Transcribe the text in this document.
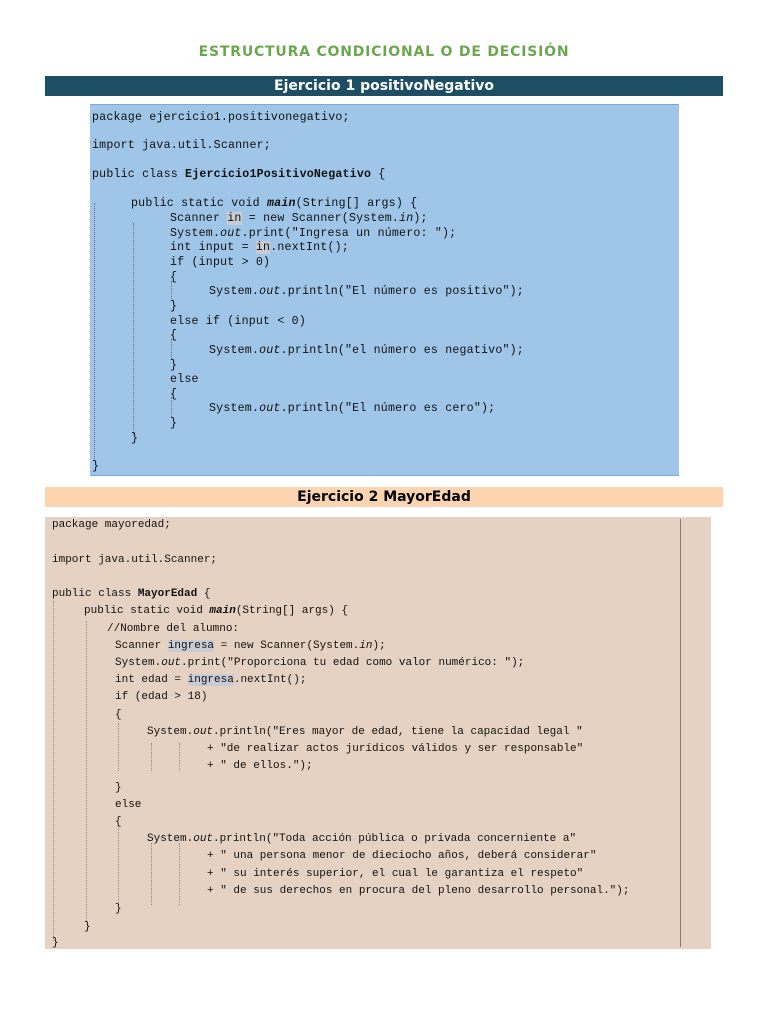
ESTRUCTURA CONDICIONAL O DE DECISIÓN
Ejercicio 1 positivoNegativo
package ejercicio1.positivonegativo;
import java.util.Scanner;
public class Ejercicio1PositivoNegativo {
public static void main(String[] args) {
Scanner in = new Scanner(System.in);
System.out.print("Ingresa un número: ");
int input = in.nextInt();
if (input > 0)
{
System.out.println("El número es positivo");
}
else if (input < 0)
{
System.out.println("el número es negativo");
}
else
{
System.out.println("El número es cero");
}
}
}
Ejercicio 2 MayorEdad
package mayoredad;
import java.util.Scanner;
public class MayorEdad {
public static void main(String[] args) {
//Nombre del alumno:
Scanner ingresa = new Scanner(System.in);
System.out.print("Proporciona tu edad como valor numérico: ");
int edad = ingresa.nextInt();
if (edad > 18)
{
System.out.println("Eres mayor de edad, tiene la capacidad legal "
+ "de realizar actos jurídicos válidos y ser responsable"
+ " de ellos.");
}
else
{
System.out.println("Toda acción pública o privada concerniente a"
+ " una persona menor de dieciocho años, deberá considerar"
+ " su interés superior, el cual le garantiza el respeto"
+ " de sus derechos en procura del pleno desarrollo personal.");
}
}
}
